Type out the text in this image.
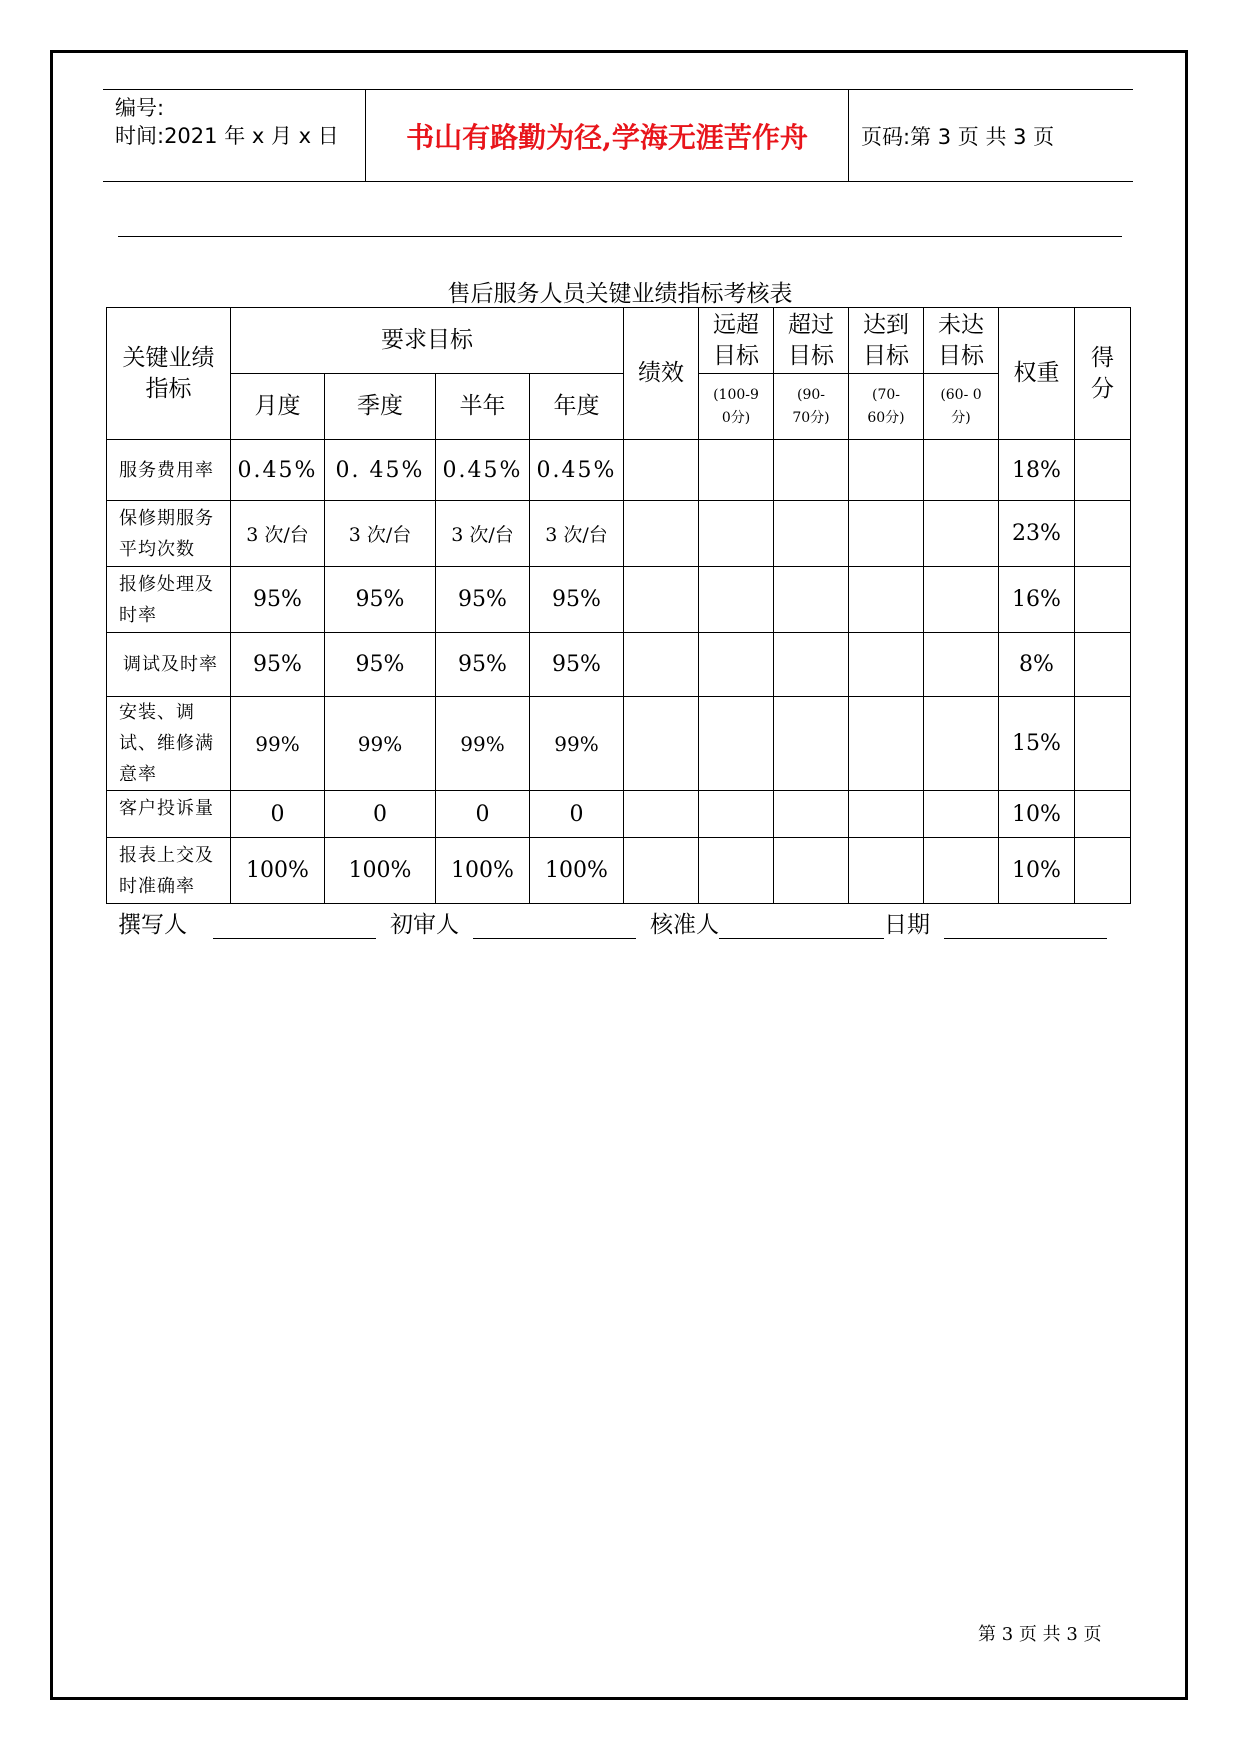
编号:
时间:2021 年 x 月 x 日	书山有路勤为径,学海无涯苦作舟	页码:第 3 页 共 3 页
售后服务人员关键业绩指标考核表
关键业绩指标	要求目标				绩效	远超目标	超过目标	达到目标	未达目标	权重	得分
	月度	季度	半年	年度		(100-9 0分)	(90- 70分)	(70- 60分)	(60- 0分)		
服务费用率	0.45%	0. 45%	0.45%	0.45%						18%	
保修期服务平均次数	3 次/台	3 次/台	3 次/台	3 次/台						23%	
报修处理及时率	95%	95%	95%	95%						16%	
调试及时率	95%	95%	95%	95%						8%	
安装、调试、维修满意率	99%	99%	99%	99%						15%	
客户投诉量	0	0	0	0						10%	
报表上交及时准确率	100%	100%	100%	100%						10%	
撰写人	初审人	核准人	日期
第 3 页 共 3 页
